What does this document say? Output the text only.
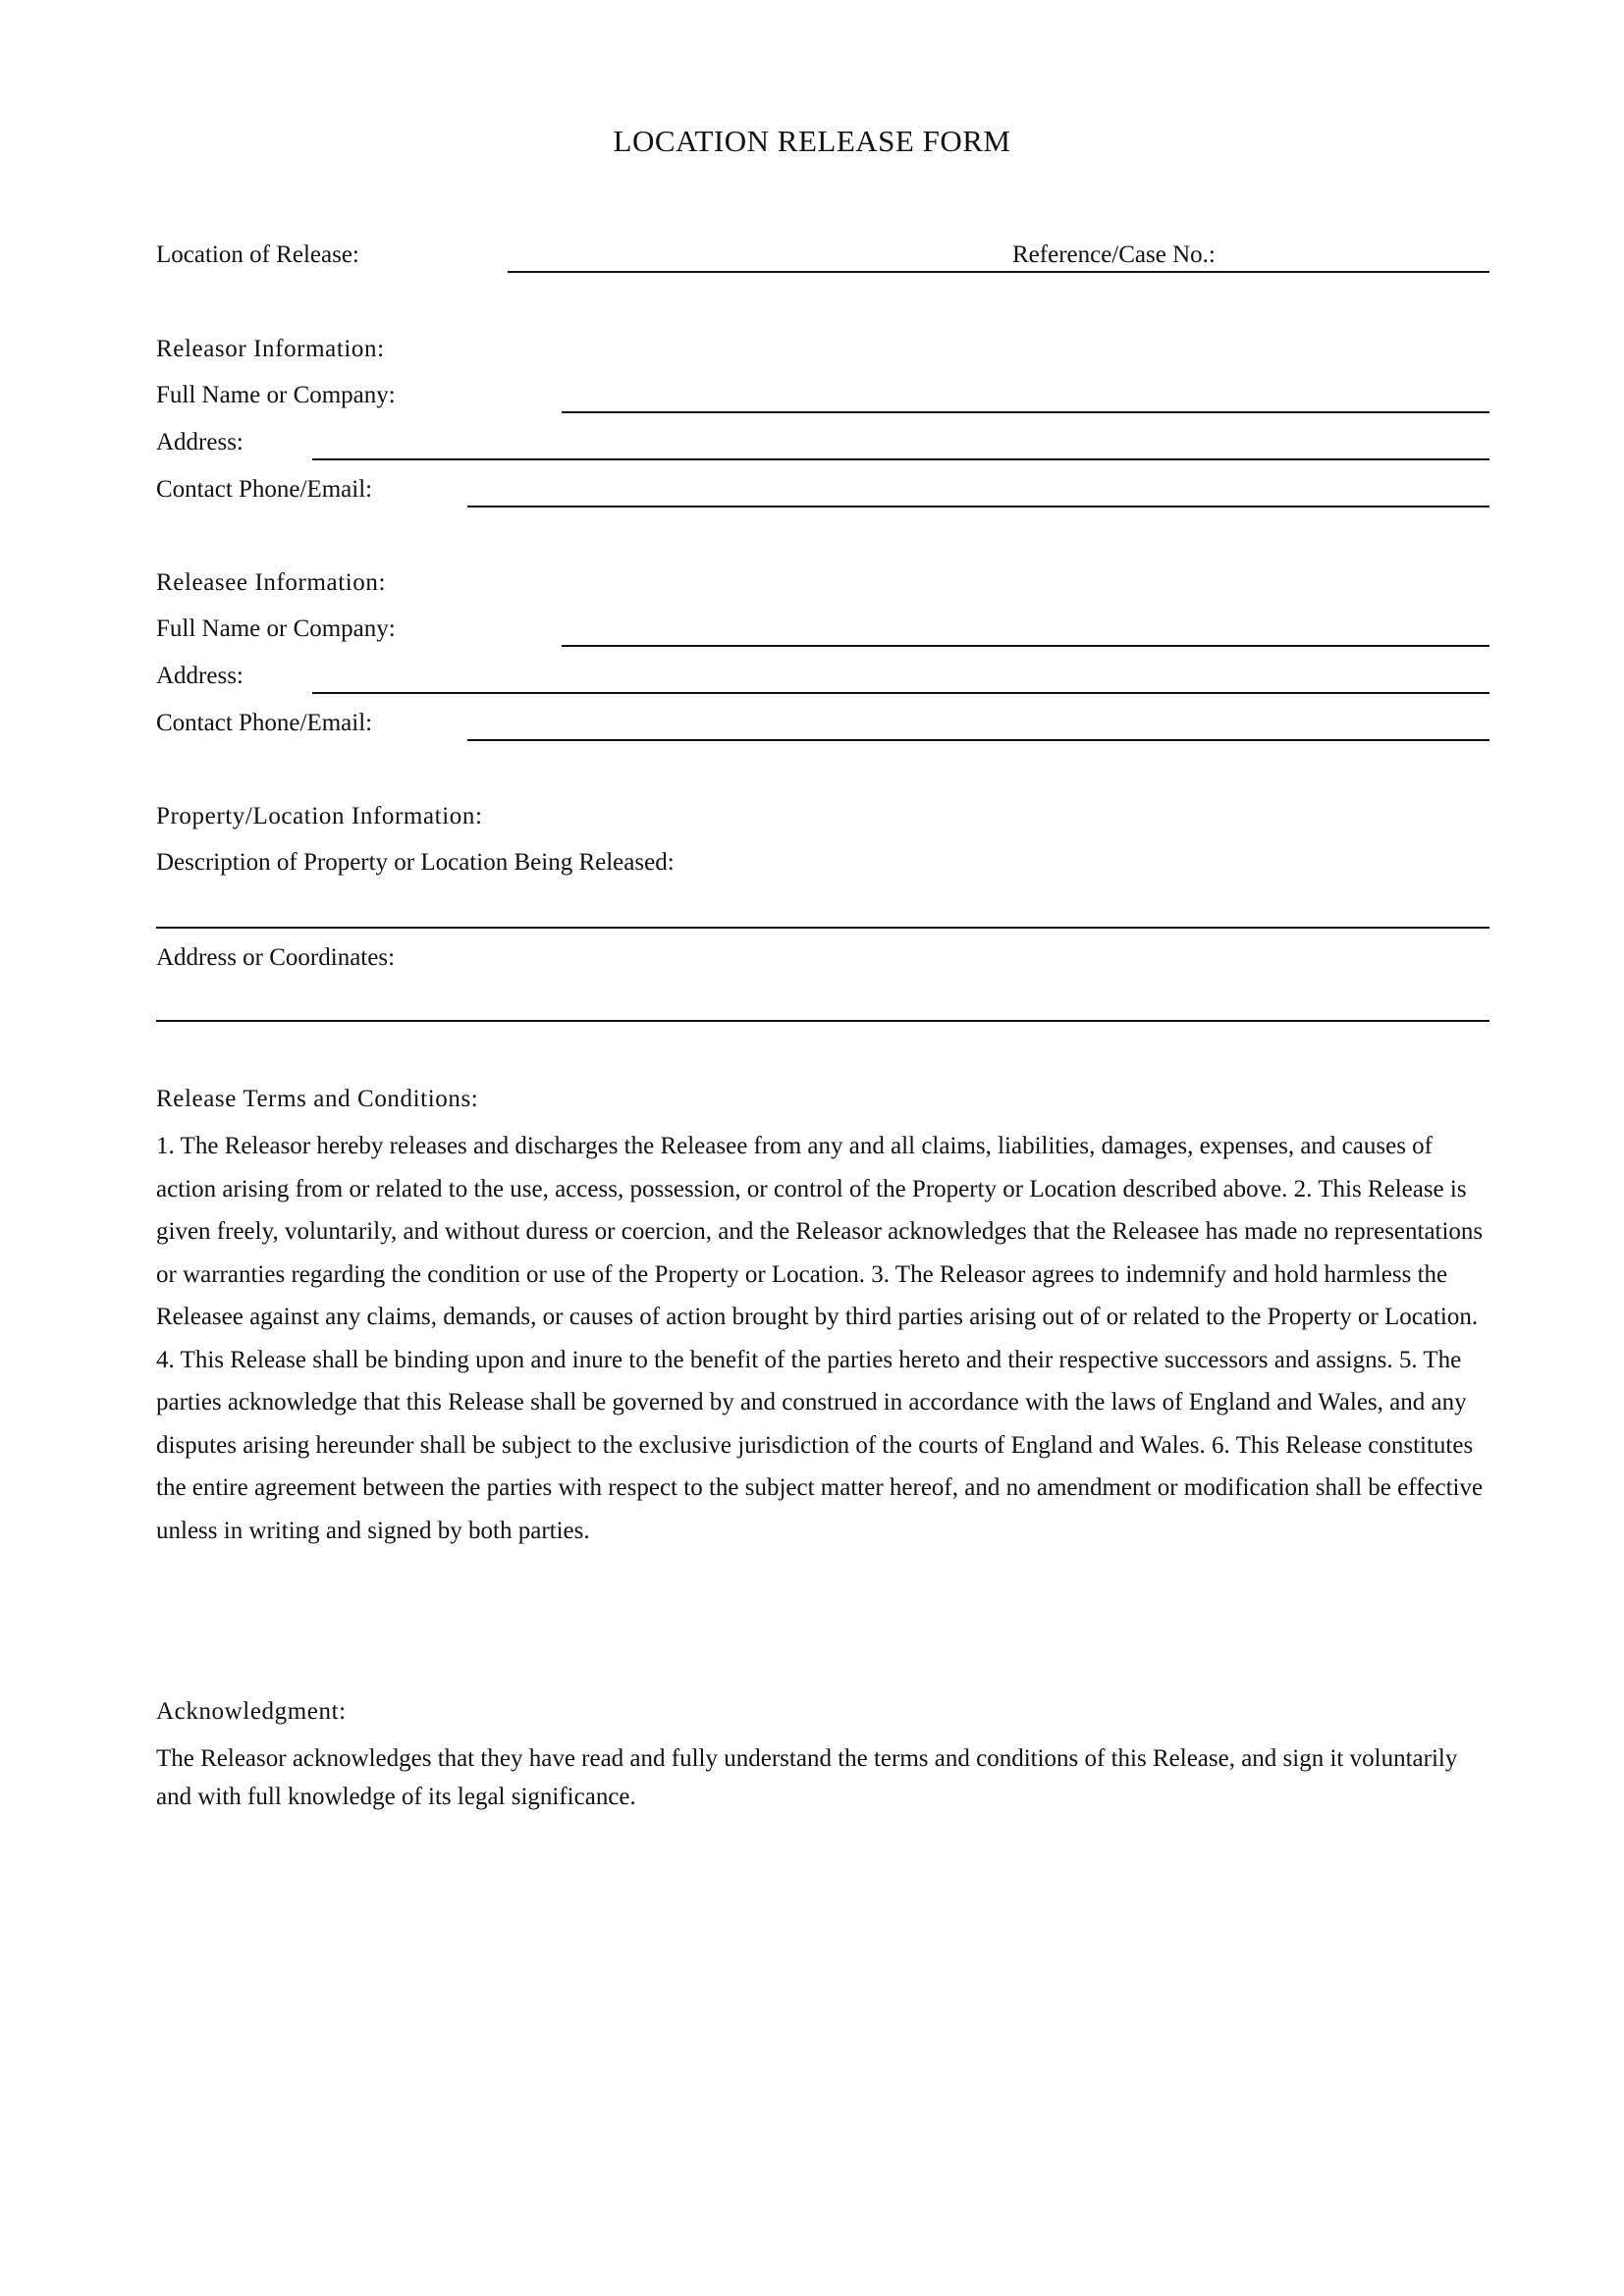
LOCATION RELEASE FORM
Location of Release:	Reference/Case No.:
Releasor Information:
Full Name or Company:
Address:
Contact Phone/Email:
Releasee Information:
Full Name or Company:
Address:
Contact Phone/Email:
Property/Location Information:
Description of Property or Location Being Released:
Address or Coordinates:
Release Terms and Conditions:
1. The Releasor hereby releases and discharges the Releasee from any and all claims, liabilities, damages, expenses, and causes of action arising from or related to the use, access, possession, or control of the Property or Location described above. 2. This Release is given freely, voluntarily, and without duress or coercion, and the Releasor acknowledges that the Releasee has made no representations or warranties regarding the condition or use of the Property or Location. 3. The Releasor agrees to indemnify and hold harmless the Releasee against any claims, demands, or causes of action brought by third parties arising out of or related to the Property or Location. 4. This Release shall be binding upon and inure to the benefit of the parties hereto and their respective successors and assigns. 5. The parties acknowledge that this Release shall be governed by and construed in accordance with the laws of England and Wales, and any disputes arising hereunder shall be subject to the exclusive jurisdiction of the courts of England and Wales. 6. This Release constitutes the entire agreement between the parties with respect to the subject matter hereof, and no amendment or modification shall be effective unless in writing and signed by both parties.
Acknowledgment:
The Releasor acknowledges that they have read and fully understand the terms and conditions of this Release, and sign it voluntarily and with full knowledge of its legal significance.
